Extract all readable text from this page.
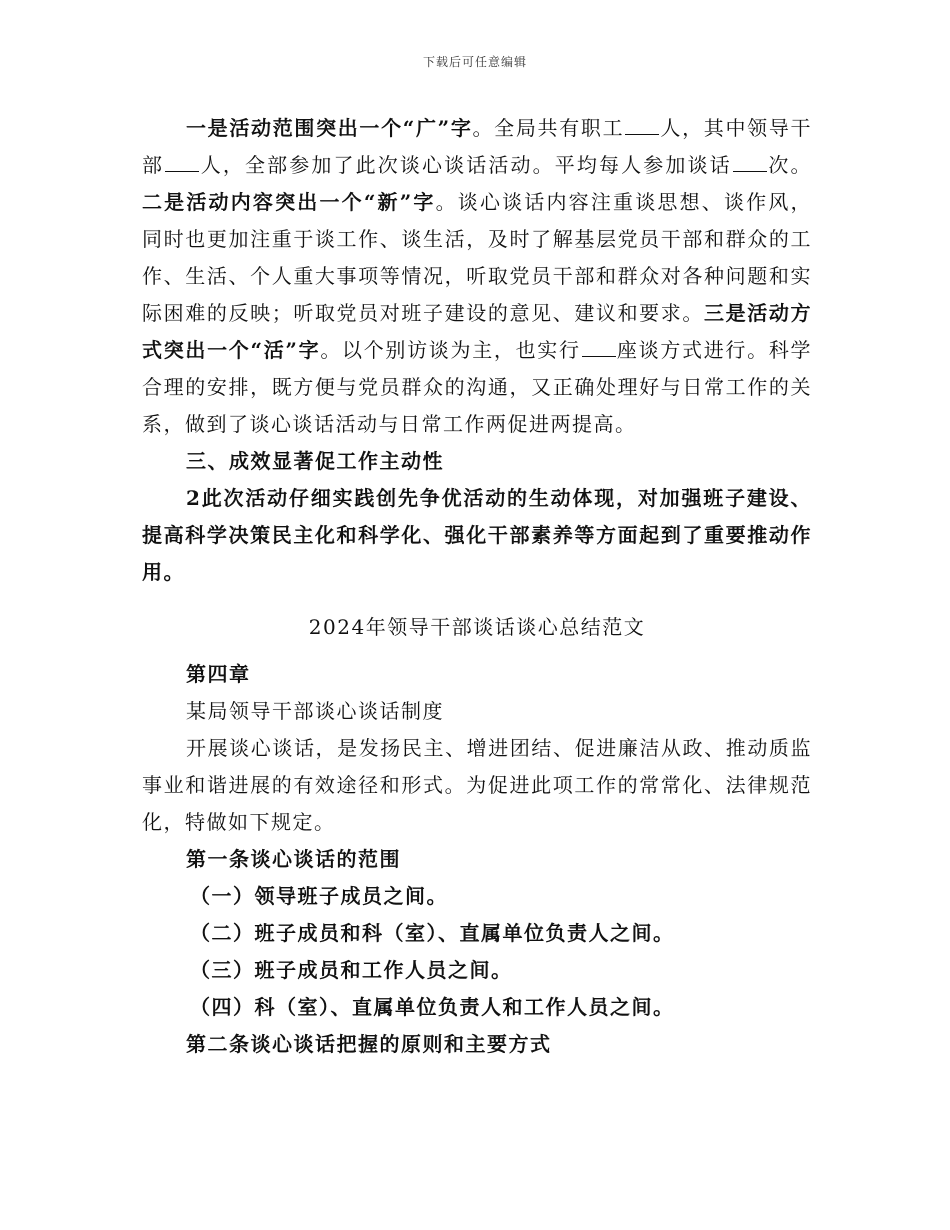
下载后可任意编辑

一是活动范围突出一个“广”字。全局共有职工 人，其中领导干部 人，全部参加了此次谈心谈话活动。平均每人参加谈话 次。二是活动内容突出一个“新”字。谈心谈话内容注重谈思想、谈作风，同时也更加注重于谈工作、谈生活，及时了解基层党员干部和群众的工作、生活、个人重大事项等情况，听取党员干部和群众对各种问题和实际困难的反映；听取党员对班子建设的意见、建议和要求。三是活动方式突出一个“活”字。以个别访谈为主，也实行 座谈方式进行。科学合理的安排，既方便与党员群众的沟通，又正确处理好与日常工作的关系，做到了谈心谈话活动与日常工作两促进两提高。

三、成效显著促工作主动性

2此次活动仔细实践创先争优活动的生动体现，对加强班子建设、提高科学决策民主化和科学化、强化干部素养等方面起到了重要推动作用。

2024年领导干部谈话谈心总结范文

第四章

某局领导干部谈心谈话制度

开展谈心谈话，是发扬民主、增进团结、促进廉洁从政、推动质监事业和谐进展的有效途径和形式。为促进此项工作的常常化、法律规范化，特做如下规定。

第一条谈心谈话的范围

（一）领导班子成员之间。

（二）班子成员和科（室）、直属单位负责人之间。

（三）班子成员和工作人员之间。

（四）科（室）、直属单位负责人和工作人员之间。

第二条谈心谈话把握的原则和主要方式
